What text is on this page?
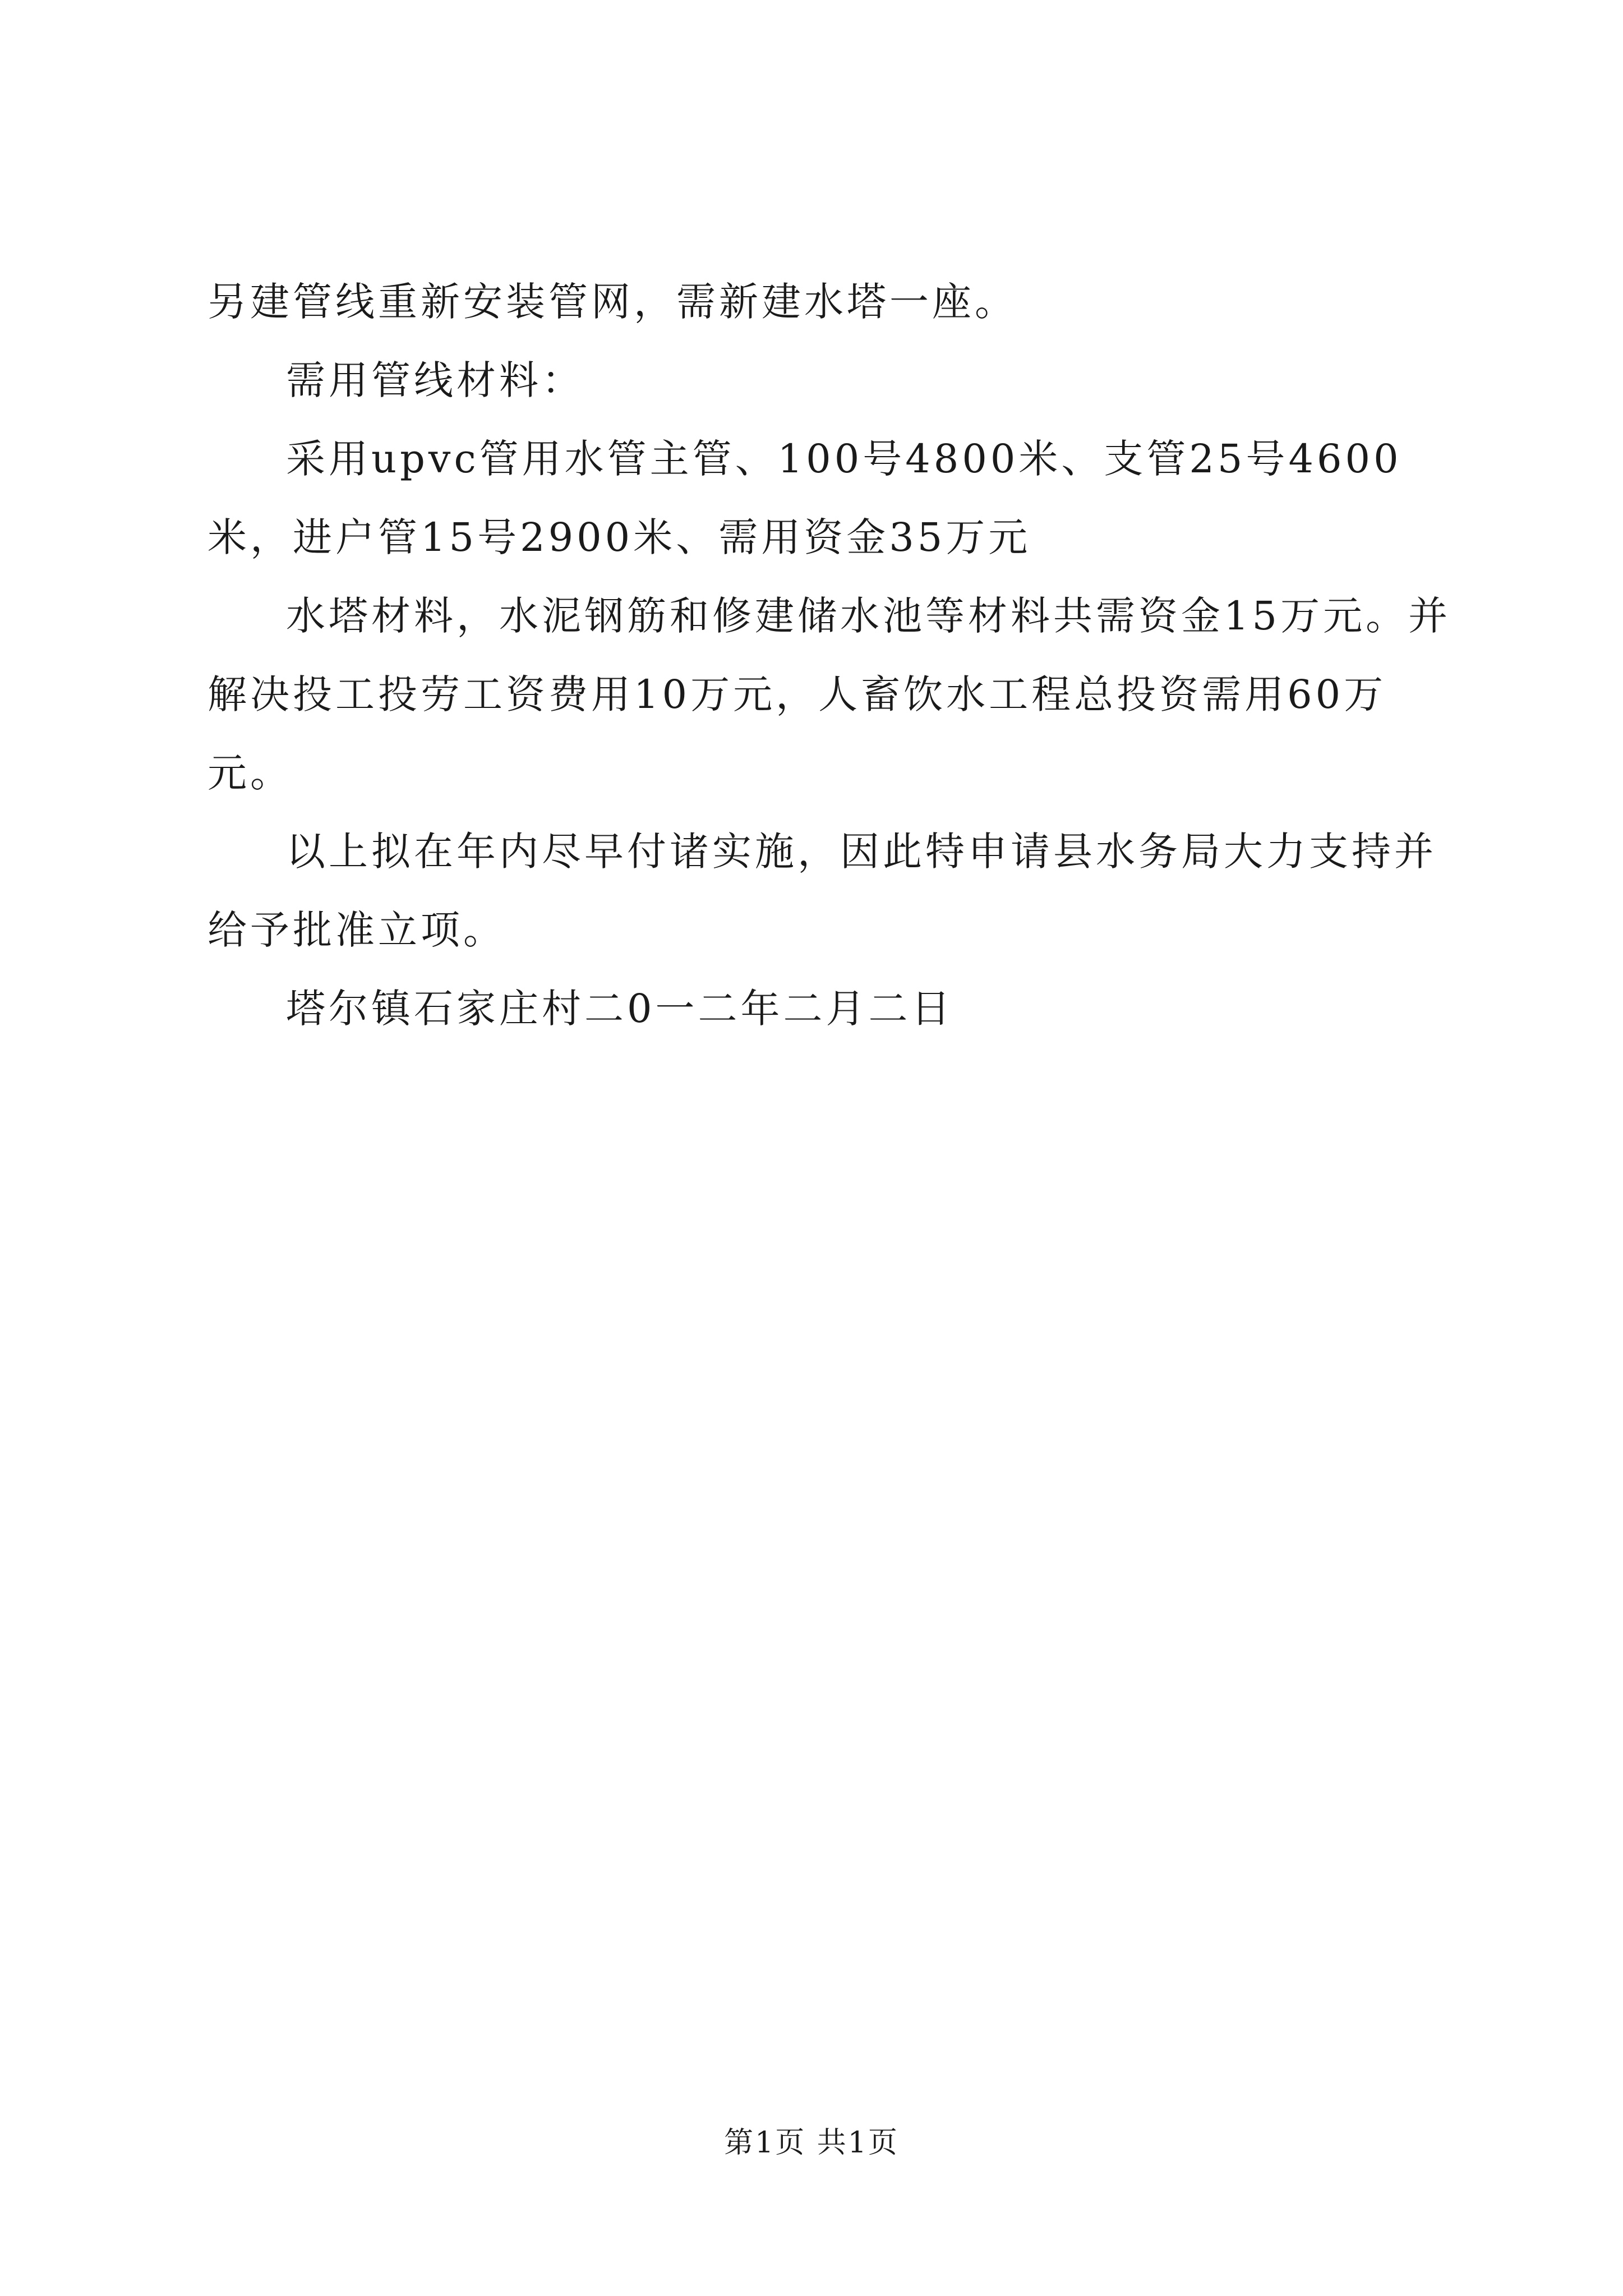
另建管线重新安装管网，需新建水塔一座。

需用管线材料：

采用upvc管用水管主管、100号4800米、支管25号4600米，进户管15号2900米、需用资金35万元

水塔材料，水泥钢筋和修建储水池等材料共需资金15万元。并解决投工投劳工资费用10万元，人畜饮水工程总投资需用60万元。

以上拟在年内尽早付诸实施，因此特申请县水务局大力支持并给予批准立项。

塔尔镇石家庄村二0一二年二月二日

第1页 共1页
